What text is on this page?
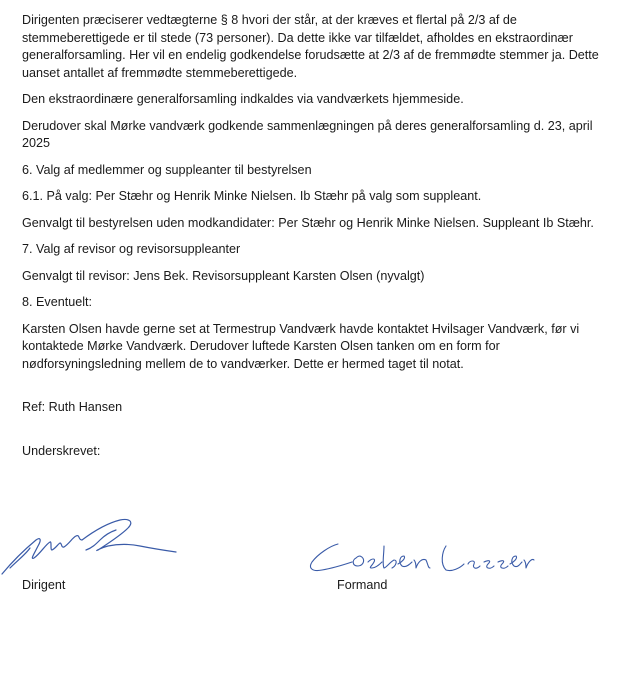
Dirigenten præciserer vedtægterne § 8 hvori der står, at der kræves et flertal på 2/3 af de stemmeberettigede er til stede (73 personer). Da dette ikke var tilfældet, afholdes en ekstraordinær generalforsamling. Her vil en endelig godkendelse forudsætte at 2/3 af de fremmødte stemmer ja. Dette uanset antallet af fremmødte stemmeberettigede.

Den ekstraordinære generalforsamling indkaldes via vandværkets hjemmeside.

Derudover skal Mørke vandværk godkende sammenlægningen på deres generalforsamling d. 23, april 2025

6. Valg af medlemmer og suppleanter til bestyrelsen

6.1. På valg: Per Stæhr og Henrik Minke Nielsen. Ib Stæhr på valg som suppleant.

Genvalgt til bestyrelsen uden modkandidater: Per Stæhr og Henrik Minke Nielsen. Suppleant Ib Stæhr.

7. Valg af revisor og revisorsuppleanter

Genvalgt til revisor: Jens Bek. Revisorsuppleant Karsten Olsen (nyvalgt)

8. Eventuelt:

Karsten Olsen havde gerne set at Termestrup Vandværk havde kontaktet Hvilsager Vandværk, før vi kontaktede Mørke Vandværk. Derudover luftede Karsten Olsen tanken om en form for nødforsyningsledning mellem de to vandværker. Dette er hermed taget til notat.

Ref: Ruth Hansen

Underskrevet:

Dirigent	Formand
